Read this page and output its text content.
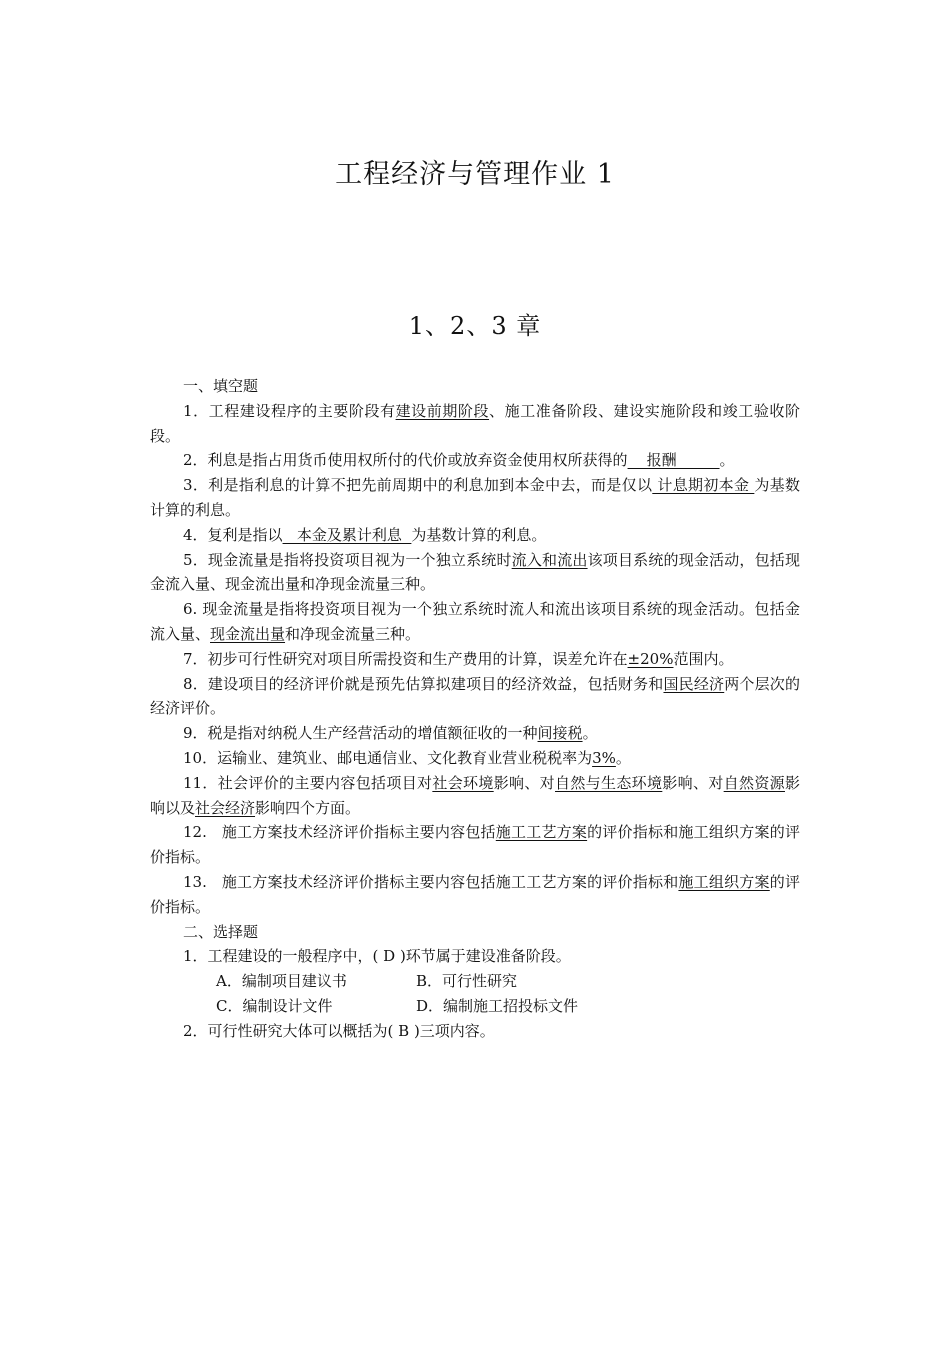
工程经济与管理作业 1
1、2、3 章

一、填空题

1．工程建设程序的主要阶段有建设前期阶段、施工准备阶段、建设实施阶段和竣工验收阶段。

2．利息是指占用货币使用权所付的代价或放弃资金使用权所获得的    报酬         。

3．利是指利息的计算不把先前周期中的利息加到本金中去，而是仅以 计息期初本金 为基数计算的利息。

4．复利是指以   本金及累计利息  为基数计算的利息。

5．现金流量是指将投资项目视为一个独立系统时流入和流出该项目系统的现金活动，包括现金流入量、现金流出量和净现金流量三种。

6. 现金流量是指将投资项目视为一个独立系统时流人和流出该项目系统的现金活动。包括金流入量、现金流出量和净现金流量三种。

7．初步可行性研究对项目所需投资和生产费用的计算，误差允许在±20%范围内。

8．建设项目的经济评价就是预先估算拟建项目的经济效益，包括财务和国民经济两个层次的经济评价。

9．税是指对纳税人生产经营活动的增值额征收的一种间接税。

10．运输业、建筑业、邮电通信业、文化教育业营业税税率为3%。

11．社会评价的主要内容包括项目对社会环境影响、对自然与生态环境影响、对自然资源影响以及社会经济影响四个方面。

12.   施工方案技术经济评价指标主要内容包括施工工艺方案的评价指标和施工组织方案的评价指标。

13.   施工方案技术经济评价揩标主要内容包括施工工艺方案的评价指标和施工组织方案的评价指标。

二、选择题

1．工程建设的一般程序中，( D )环节属于建设准备阶段。

A．编制项目建议书	B．可行性研究
C．编制设计文件	D．编制施工招投标文件

2．可行性研究大体可以概括为( B )三项内容。
